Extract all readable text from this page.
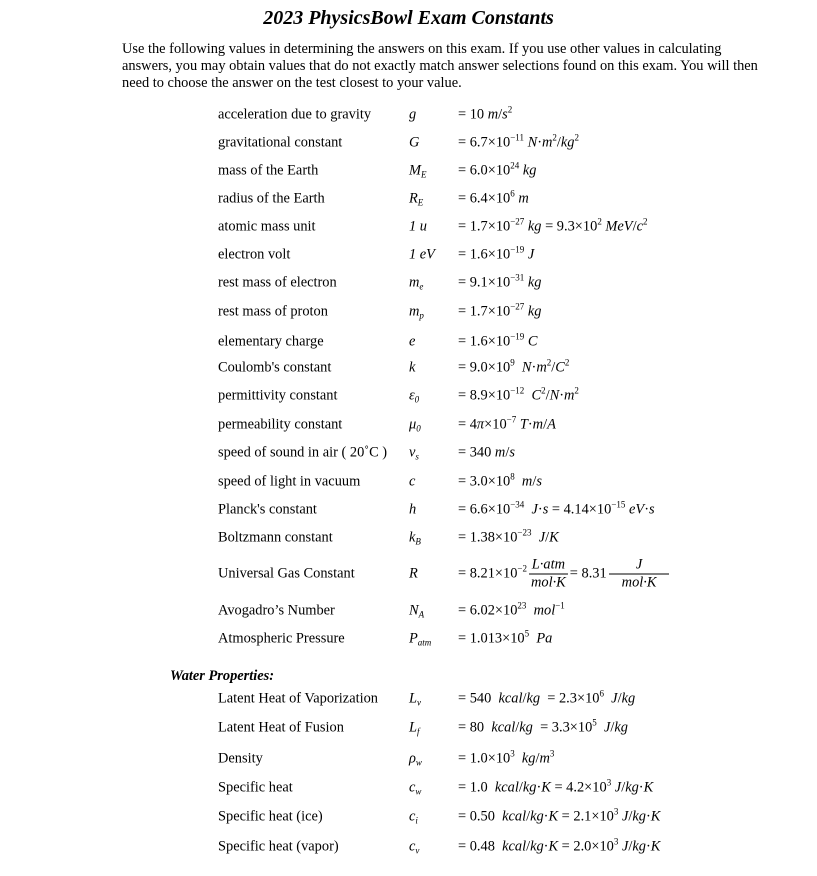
2023 PhysicsBowl Exam Constants
Use the following values in determining the answers on this exam. If you use other values in calculating answers, you may obtain values that do not exactly match answer selections found on this exam. You will then need to choose the answer on the test closest to your value.
acceleration due to gravity	g	= 10 $m/s^2$
gravitational constant	G	= $6.7\times 10^{-11}$ $N\cdot m^2/kg^2$
mass of the Earth	$M_E = 6.0\times 10^{24}$ kg
radius of the Earth	$R_E = 6.4\times 10^6$ m
atomic mass unit	1 $u = 1.7\times 10^{-27}$ kg = $9.3\times 10^2$ MeV/$c^2$
electron volt	1 eV = $1.6\times 10^{-19}$ J
rest mass of electron	$m_e = 9.1\times 10^{-31}$ kg
rest mass of proton	$m_p = 1.7\times 10^{-27}$ kg
elementary charge	e	= $1.6\times 10^{-19}$ C
Coulomb's constant	k	= $9.0\times 10^9$ $N\cdot m^2/C^2$
permittivity constant	$\varepsilon_0$	= $8.9\times 10^{-12}$ $C^2/N\cdot m^2$
permeability constant	$\mu_0$	= $4\pi\times 10^{-7}$ T·m/A
speed of sound in air ( 20˚C ) $v_s$	= 340 m/s
speed of light in vacuum	c	= $3.0\times 10^8$ m/s
Planck's constant	h	= $6.6\times 10^{-34}$ $J\cdot s = 4.14\times 10^{-15}$ eV·s
Boltzmann constant	$k_B$	= $1.38\times 10^{-23}$ J/K
Universal Gas Constant	R	= $8.21\times 10^{-2} \frac{\text{L·atm}}{\text{mol·K}} = 8.31 \frac{J}{\text{mol·K}}$
Avogadro’s Number	$N_A = 6.02\times 10^{23}$ mol$^{-1}$
Atmospheric Pressure	$P_{atm} = 1.013\times 10^5$ Pa
Water Properties:
Latent Heat of Vaporization $L_v$	= 540  kcal/kg  = $2.3\times 10^6$ J/kg
Latent Heat of Fusion	$L_f$	= 80  kcal/kg  = $3.3\times 10^5$ J/kg
Density	$\rho_w$	= $1.0\times 10^3$ $kg/m^3$
Specific heat	$c_w$	= 1.0  kcal/kg·K = $4.2\times 10^3$ J/kg·K
Specific heat (ice)	$c_i$	= 0.50  kcal/kg·K = $2.1\times 10^3$ J/kg·K
Specific heat (vapor)	$c_v$	= 0.48  kcal/kg·K = $2.0\times 10^3$ J/kg·K
